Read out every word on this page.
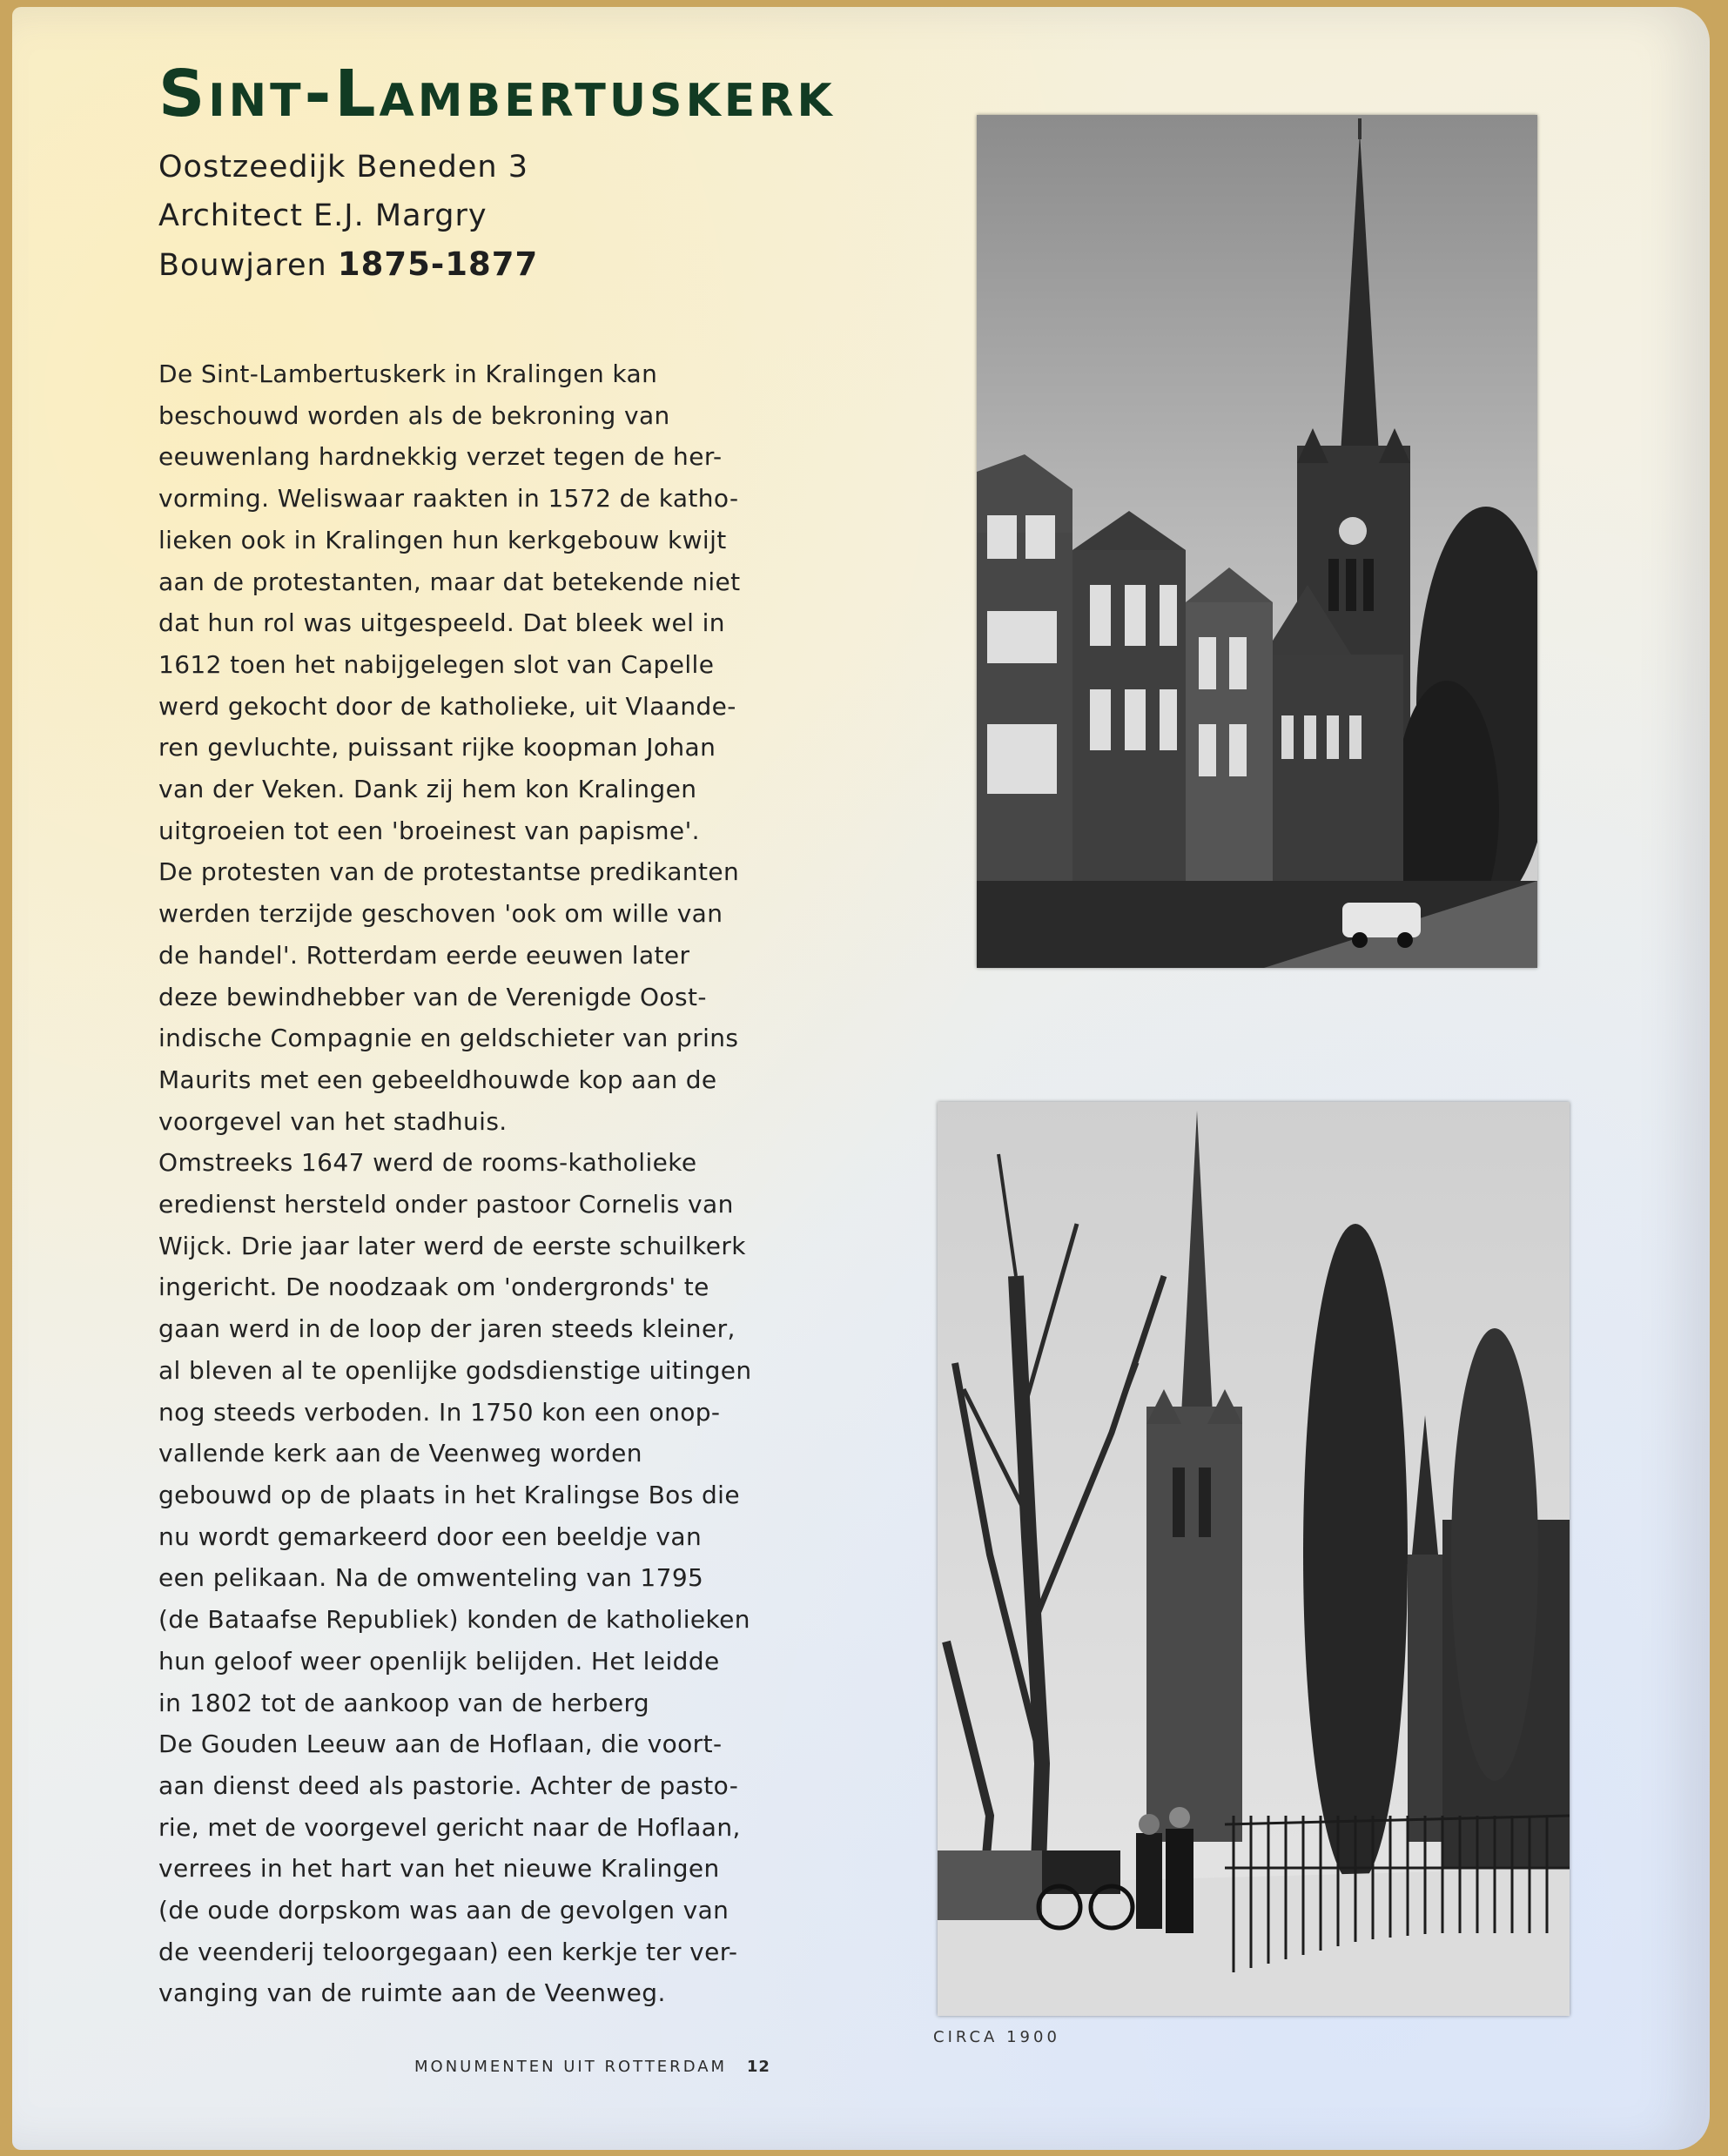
Sint-Lambertuskerk
Oostzeedijk Beneden 3
Architect E.J. Margry
Bouwjaren 1875-1877
De Sint-Lambertuskerk in Kralingen kan
beschouwd worden als de bekroning van
eeuwenlang hardnekkig verzet tegen de her-
vorming. Weliswaar raakten in 1572 de katho-
lieken ook in Kralingen hun kerkgebouw kwijt
aan de protestanten, maar dat betekende niet
dat hun rol was uitgespeeld. Dat bleek wel in
1612 toen het nabijgelegen slot van Capelle
werd gekocht door de katholieke, uit Vlaande-
ren gevluchte, puissant rijke koopman Johan
van der Veken. Dank zij hem kon Kralingen
uitgroeien tot een 'broeinest van papisme'.
De protesten van de protestantse predikanten
werden terzijde geschoven 'ook om wille van
de handel'. Rotterdam eerde eeuwen later
deze bewindhebber van de Verenigde Oost-
indische Compagnie en geldschieter van prins
Maurits met een gebeeldhouwde kop aan de
voorgevel van het stadhuis.
Omstreeks 1647 werd de rooms-katholieke
eredienst hersteld onder pastoor Cornelis van
Wijck. Drie jaar later werd de eerste schuilkerk
ingericht. De noodzaak om 'ondergronds' te
gaan werd in de loop der jaren steeds kleiner,
al bleven al te openlijke godsdienstige uitingen
nog steeds verboden. In 1750 kon een onop-
vallende kerk aan de Veenweg worden
gebouwd op de plaats in het Kralingse Bos die
nu wordt gemarkeerd door een beeldje van
een pelikaan. Na de omwenteling van 1795
(de Bataafse Republiek) konden de katholieken
hun geloof weer openlijk belijden. Het leidde
in 1802 tot de aankoop van de herberg
De Gouden Leeuw aan de Hoflaan, die voort-
aan dienst deed als pastorie. Achter de pasto-
rie, met de voorgevel gericht naar de Hoflaan,
verrees in het hart van het nieuwe Kralingen
(de oude dorpskom was aan de gevolgen van
de veenderij teloorgegaan) een kerkje ter ver-
vanging van de ruimte aan de Veenweg.
CIRCA 1900
MONUMENTEN UIT ROTTERDAM 12
